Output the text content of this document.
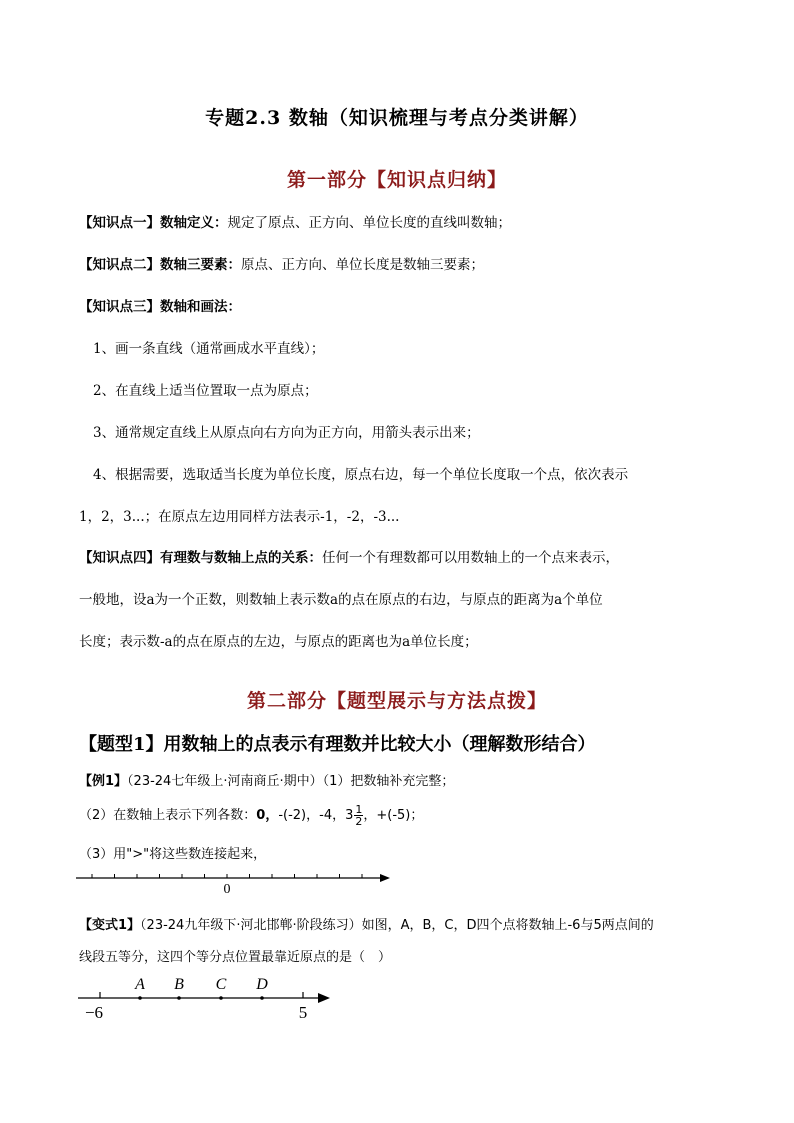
专题2.3 数轴（知识梳理与考点分类讲解）
第一部分【知识点归纳】
【知识点一】数轴定义：规定了原点、正方向、单位长度的直线叫数轴；
【知识点二】数轴三要素：原点、正方向、单位长度是数轴三要素；
【知识点三】数轴和画法：
1、画一条直线（通常画成水平直线）；
2、在直线上适当位置取一点为原点；
3、通常规定直线上从原点向右方向为正方向，用箭头表示出来；
4、根据需要，选取适当长度为单位长度，原点右边，每一个单位长度取一个点，依次表示
1，2，3...；在原点左边用同样方法表示-1，-2，-3...
【知识点四】有理数与数轴上点的关系：任何一个有理数都可以用数轴上的一个点来表示，
一般地，设a为一个正数，则数轴上表示数a的点在原点的右边，与原点的距离为a个单位
长度；表示数-a的点在原点的左边，与原点的距离也为a单位长度；
第二部分【题型展示与方法点拨】
【题型1】用数轴上的点表示有理数并比较大小（理解数形结合）
【例1】（23-24七年级上·河南商丘·期中）（1）把数轴补充完整；
（2）在数轴上表示下列各数：0，-(-2)，-4，$3 \frac{1}{2}$ ，+(-5)；
（3）用">"将这些数连接起来，
0
【变式1】（23-24九年级下·河北邯郸·阶段练习）如图，A，B，C，D四个点将数轴上-6与5两点间的
线段五等分，这四个等分点位置最靠近原点的是（　）
A B C D
−6	5
